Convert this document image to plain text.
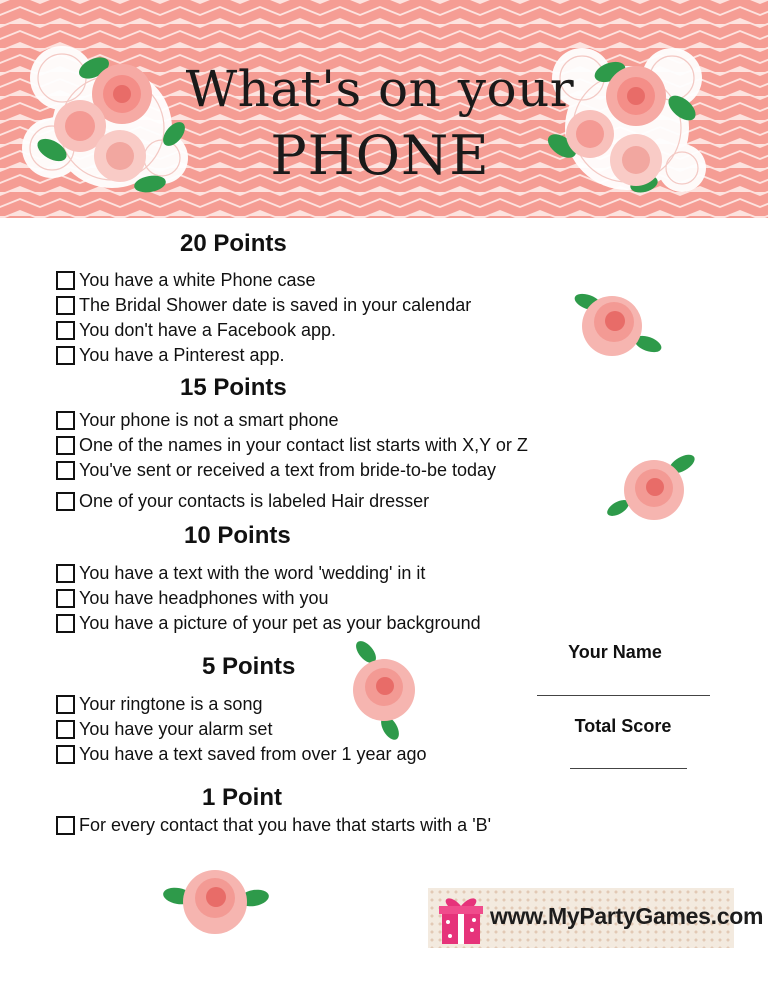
What's on your
PHONE
20 Points
You have a white Phone case
The Bridal Shower date is saved in your calendar
You don't have a Facebook app.
You have a Pinterest app.
15 Points
Your phone is not a smart phone
One of the names in your contact list starts with X,Y or Z
You've sent or received a text from bride-to-be today
One of your contacts is labeled Hair dresser
10 Points
You have a text with the word 'wedding' in it
You have headphones with you
You have a picture of your pet as your background
5 Points
Your ringtone is a song
You have your alarm set
You have a text saved from over 1 year ago
1 Point
For every contact that you have that starts with a 'B'
Your Name
Total Score
www.MyPartyGames.com
